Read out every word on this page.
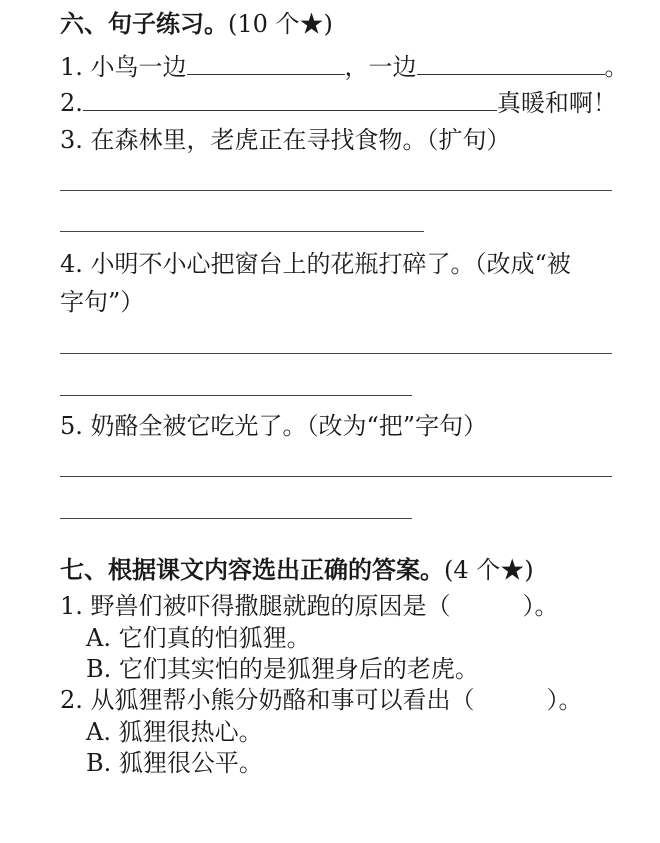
六、句子练习。(10 个★)
1. 小鸟一边	，一边	。
2.	真暖和啊！
3. 在森林里，老虎正在寻找食物。（扩句）
4. 小明不小心把窗台上的花瓶打碎了。（改成“被
字句”）
5. 奶酪全被它吃光了。（改为“把”字句）
七、根据课文内容选出正确的答案。(4 个★)
1. 野兽们被吓得撒腿就跑的原因是（　　　）。
A. 它们真的怕狐狸。
B. 它们其实怕的是狐狸身后的老虎。
2. 从狐狸帮小熊分奶酪和事可以看出（　　　）。
A. 狐狸很热心。
B. 狐狸很公平。
